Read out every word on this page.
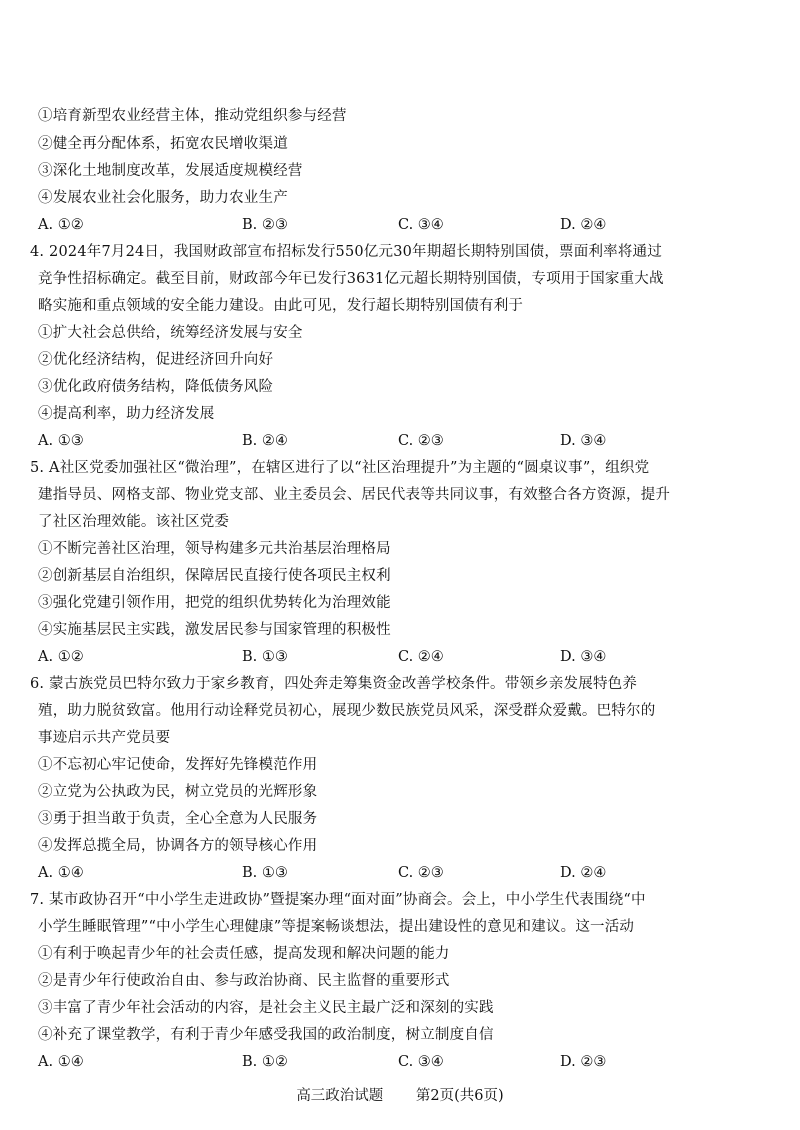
①培育新型农业经营主体，推动党组织参与经营
②健全再分配体系，拓宽农民增收渠道
③深化土地制度改革，发展适度规模经营
④发展农业社会化服务，助力农业生产
A. ①②	B. ②③	C. ③④	D. ②④
4. 2024年7月24日，我国财政部宣布招标发行550亿元30年期超长期特别国债，票面利率将通过
竞争性招标确定。截至目前，财政部今年已发行3631亿元超长期特别国债，专项用于国家重大战
略实施和重点领域的安全能力建设。由此可见，发行超长期特别国债有利于
①扩大社会总供给，统筹经济发展与安全
②优化经济结构，促进经济回升向好
③优化政府债务结构，降低债务风险
④提高利率，助力经济发展
A. ①③	B. ②④	C. ②③	D. ③④
5. A社区党委加强社区“微治理”，在辖区进行了以“社区治理提升”为主题的“圆桌议事”，组织党
建指导员、网格支部、物业党支部、业主委员会、居民代表等共同议事，有效整合各方资源，提升
了社区治理效能。该社区党委
①不断完善社区治理，领导构建多元共治基层治理格局
②创新基层自治组织，保障居民直接行使各项民主权利
③强化党建引领作用，把党的组织优势转化为治理效能
④实施基层民主实践，激发居民参与国家管理的积极性
A. ①②	B. ①③	C. ②④	D. ③④
6. 蒙古族党员巴特尔致力于家乡教育，四处奔走筹集资金改善学校条件。带领乡亲发展特色养
殖，助力脱贫致富。他用行动诠释党员初心，展现少数民族党员风采，深受群众爱戴。巴特尔的
事迹启示共产党员要
①不忘初心牢记使命，发挥好先锋模范作用
②立党为公执政为民，树立党员的光辉形象
③勇于担当敢于负责，全心全意为人民服务
④发挥总揽全局，协调各方的领导核心作用
A. ①④	B. ①③	C. ②③	D. ②④
7. 某市政协召开“中小学生走进政协”暨提案办理“面对面”协商会。会上，中小学生代表围绕“中
小学生睡眠管理”“中小学生心理健康”等提案畅谈想法，提出建设性的意见和建议。这一活动
①有利于唤起青少年的社会责任感，提高发现和解决问题的能力
②是青少年行使政治自由、参与政治协商、民主监督的重要形式
③丰富了青少年社会活动的内容，是社会主义民主最广泛和深刻的实践
④补充了课堂教学，有利于青少年感受我国的政治制度，树立制度自信
A. ①④	B. ①②	C. ③④	D. ②③
高三政治试题 第2页(共6页)
